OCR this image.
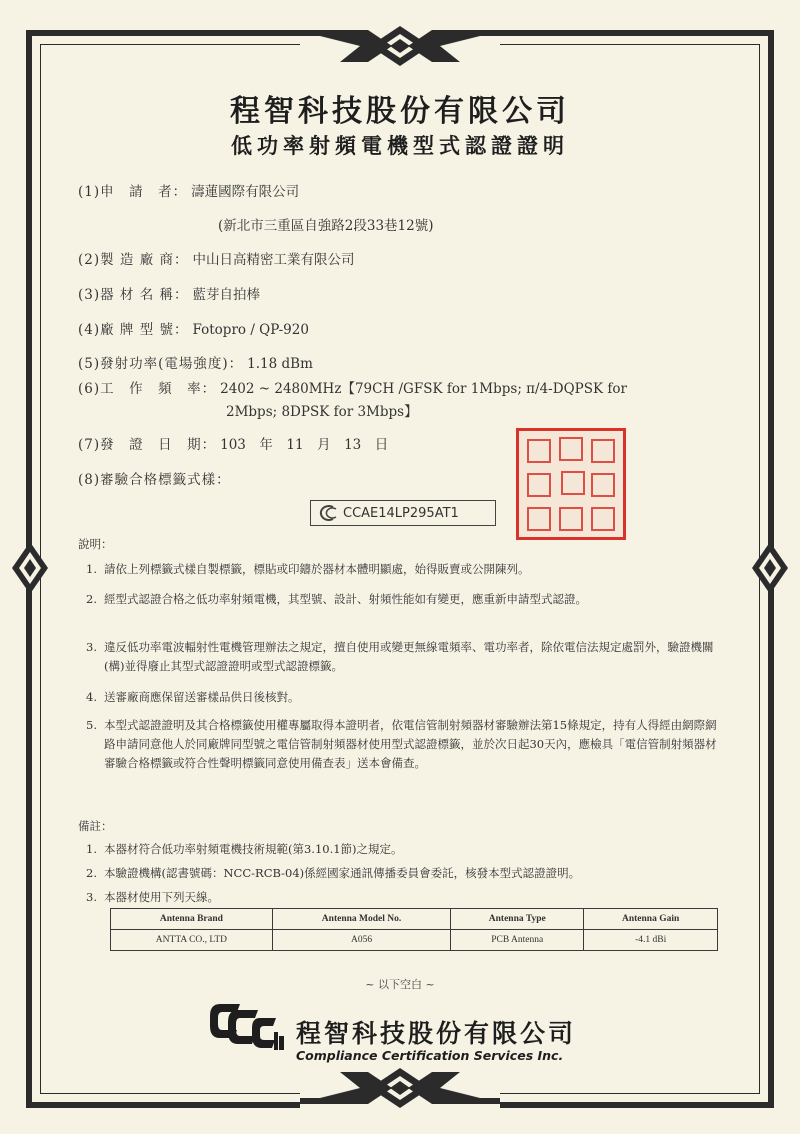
程智科技股份有限公司
低功率射頻電機型式認證證明
(1)申　請　者： 濤蓮國際有限公司
(新北市三重區自強路2段33巷12號)
(2)製 造 廠 商： 中山日高精密工業有限公司
(3)器 材 名 稱： 藍芽自拍棒
(4)廠 牌 型 號： Fotopro / QP-920
(5)發射功率(電場強度)： 1.18 dBm
(6)工　作　頻　率： 2402 ~ 2480MHz【79CH /GFSK for 1Mbps; π/4-DQPSK for
2Mbps; 8DPSK for 3Mbps】
(7)發　證　日　期： 103　年　11　月　13　日
(8)審驗合格標籤式樣：
CCAE14LP295AT1
說明：
1. 請依上列標籤式樣自製標籤，標貼或印鑄於器材本體明顯處，始得販賣或公開陳列。
2. 經型式認證合格之低功率射頻電機，其型號、設計、射頻性能如有變更，應重新申請型式認證。
3. 違反低功率電波輻射性電機管理辦法之規定，擅自使用或變更無線電頻率、電功率者，除依電信法規定處罰外，驗證機關(構)並得廢止其型式認證證明或型式認證標籤。
4. 送審廠商應保留送審樣品供日後核對。
5. 本型式認證證明及其合格標籤使用權專屬取得本證明者，依電信管制射頻器材審驗辦法第15條規定，持有人得經由網際網路申請同意他人於同廠牌同型號之電信管制射頻器材使用型式認證標籤，並於次日起30天內，應檢具「電信管制射頻器材審驗合格標籤或符合性聲明標籤同意使用備查表」送本會備查。
備註：
1. 本器材符合低功率射頻電機技術規範(第3.10.1節)之規定。
2. 本驗證機構(認書號碼：NCC-RCB-04)係經國家通訊傳播委員會委託，核發本型式認證證明。
3. 本器材使用下列天線。
Antenna Brand	Antenna Model No.	Antenna Type	Antenna Gain
ANTTA CO., LTD	A056	PCB Antenna	-4.1 dBi
~ 以下空白 ~
程智科技股份有限公司
Compliance Certification Services Inc.
